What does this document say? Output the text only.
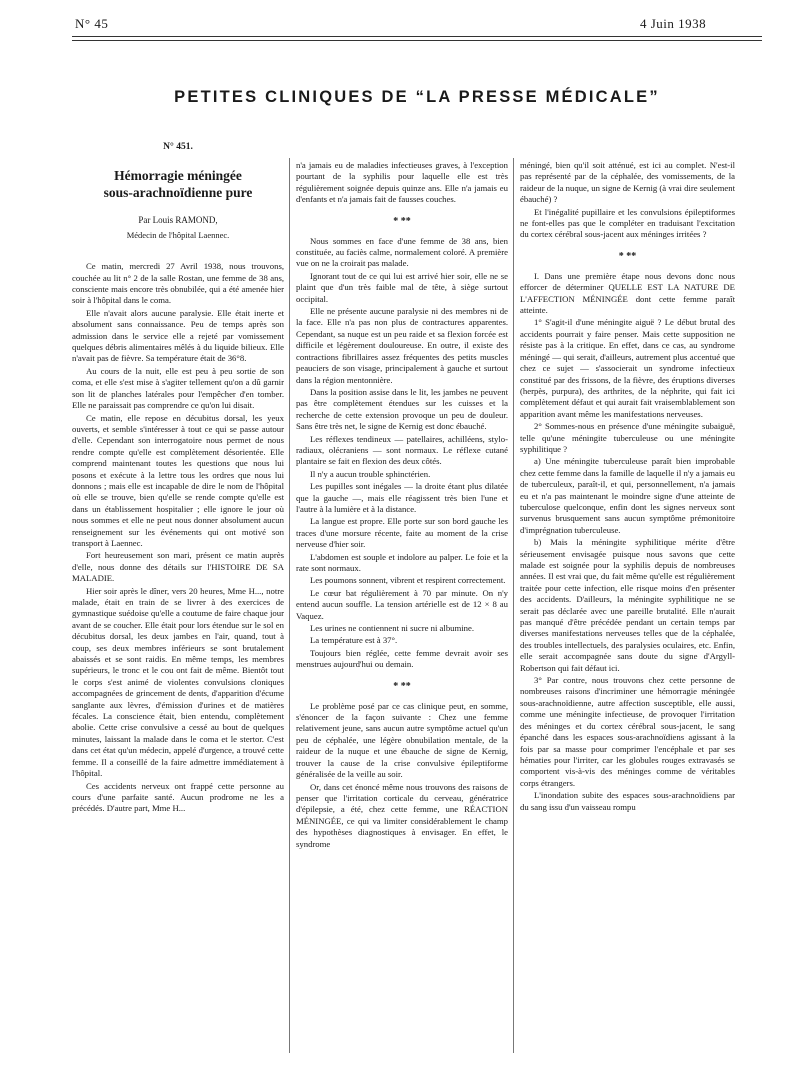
N° 45	4 Juin 1938
PETITES CLINIQUES DE “LA PRESSE MÉDICALE”
N° 451.
Hémorragie méningée
sous-arachnoïdienne pure
Par Louis RAMOND,
Médecin de l'hôpital Laennec.

Ce matin, mercredi 27 Avril 1938, nous trouvons, couchée au lit n° 2 de la salle Rostan, une femme de 38 ans, consciente mais encore très obnubilée, qui a été amenée hier soir à l'hôpital dans le coma.

Elle n'avait alors aucune paralysie. Elle était inerte et absolument sans connaissance. Peu de temps après son admission dans le service elle a rejeté par vomissement quelques débris alimentaires mêlés à du liquide bilieux. Elle n'avait pas de fièvre. Sa température était de 36°8.

Au cours de la nuit, elle est peu à peu sortie de son coma, et elle s'est mise à s'agiter tellement qu'on a dû garnir son lit de planches latérales pour l'empêcher d'en tomber. Elle ne paraissait pas comprendre ce qu'on lui disait.

Ce matin, elle repose en décubitus dorsal, les yeux ouverts, et semble s'intéresser à tout ce qui se passe autour d'elle. Cependant son interrogatoire nous permet de nous rendre compte qu'elle est complètement désorientée. Elle comprend maintenant toutes les questions que nous lui posons et exécute à la lettre tous les ordres que nous lui donnons ; mais elle est incapable de dire le nom de l'hôpital où elle se trouve, bien qu'elle se rende compte qu'elle est dans un établissement hospitalier ; elle ignore le jour où nous sommes et elle ne peut nous donner absolument aucun renseignement sur les événements qui ont motivé son transport à Laennec.

Fort heureusement son mari, présent ce matin auprès d'elle, nous donne des détails sur l'HISTOIRE DE SA MALADIE.

Hier soir après le dîner, vers 20 heures, Mme H..., notre malade, était en train de se livrer à des exercices de gymnastique suédoise qu'elle a coutume de faire chaque jour avant de se coucher. Elle était pour lors étendue sur le sol en décubitus dorsal, les deux jambes en l'air, quand, tout à coup, ses deux membres inférieurs se sont brutalement abaissés et se sont raidis. En même temps, les membres supérieurs, le tronc et le cou ont fait de même. Bientôt tout le corps s'est animé de violentes convulsions cloniques accompagnées de grincement de dents, d'apparition d'écume sanglante aux lèvres, d'émission d'urines et de matières fécales. La conscience était, bien entendu, complètement abolie. Cette crise convulsive a cessé au bout de quelques minutes, laissant la malade dans le coma et le stertor. C'est dans cet état qu'un médecin, appelé d'urgence, a trouvé cette femme. Il a conseillé de la faire admettre immédiatement à l'hôpital.

Ces accidents nerveux ont frappé cette personne au cours d'une parfaite santé. Aucun prodrome ne les a précédés. D'autre part, Mme H...

n'a jamais eu de maladies infectieuses graves, à l'exception pourtant de la syphilis pour laquelle elle est très régulièrement soignée depuis quinze ans. Elle n'a jamais eu d'enfants et n'a jamais fait de fausses couches.

* **

Nous sommes en face d'une femme de 38 ans, bien constituée, au faciès calme, normalement coloré. A première vue on ne la croirait pas malade.

Ignorant tout de ce qui lui est arrivé hier soir, elle ne se plaint que d'un très faible mal de tête, à siège surtout occipital.

Elle ne présente aucune paralysie ni des membres ni de la face. Elle n'a pas non plus de contractures apparentes. Cependant, sa nuque est un peu raide et sa flexion forcée est difficile et légèrement douloureuse. En outre, il existe des contractions fibrillaires assez fréquentes des petits muscles peauciers de son visage, principalement à gauche et surtout dans la région mentonnière.

Dans la position assise dans le lit, les jambes ne peuvent pas être complètement étendues sur les cuisses et la recherche de cette extension provoque un peu de douleur. Sans être très net, le signe de Kernig est donc ébauché.

Les réflexes tendineux — patellaires, achilléens, stylo-radiaux, olécraniens — sont normaux. Le réflexe cutané plantaire se fait en flexion des deux côtés.

Il n'y a aucun trouble sphinctérien.

Les pupilles sont inégales — la droite étant plus dilatée que la gauche —, mais elle réagissent très bien l'une et l'autre à la lumière et à la distance.

La langue est propre. Elle porte sur son bord gauche les traces d'une morsure récente, faite au moment de la crise nerveuse d'hier soir.

L'abdomen est souple et indolore au palper. Le foie et la rate sont normaux.

Les poumons sonnent, vibrent et respirent correctement.

Le cœur bat régulièrement à 70 par minute. On n'y entend aucun souffle. La tension artérielle est de 12 × 8 au Vaquez.

Les urines ne contiennent ni sucre ni albumine.

La température est à 37°.

Toujours bien réglée, cette femme devrait avoir ses menstrues aujourd'hui ou demain.

* **

Le problème posé par ce cas clinique peut, en somme, s'énoncer de la façon suivante : Chez une femme relativement jeune, sans aucun autre symptôme actuel qu'un peu de céphalée, une légère obnubilation mentale, de la raideur de la nuque et une ébauche de signe de Kernig, trouver la cause de la crise convulsive épileptiforme généralisée de la veille au soir.

Or, dans cet énoncé même nous trouvons des raisons de penser que l'irritation corticale du cerveau, génératrice d'épilepsie, a été, chez cette femme, une RÉACTION MÉNINGÉE, ce qui va limiter considérablement le champ des hypothèses diagnostiques à envisager. En effet, le syndrome

méningé, bien qu'il soit atténué, est ici au complet. N'est-il pas représenté par de la céphalée, des vomissements, de la raideur de la nuque, un signe de Kernig (à vrai dire seulement ébauché) ?

Et l'inégalité pupillaire et les convulsions épileptiformes ne font-elles pas que le compléter en traduisant l'excitation du cortex cérébral sous-jacent aux méninges irritées ?

* **

I. Dans une première étape nous devons donc nous efforcer de déterminer QUELLE EST LA NATURE DE L'AFFECTION MÉNINGÉE dont cette femme paraît atteinte.

1° S'agit-il d'une méningite aiguë ? Le début brutal des accidents pourrait y faire penser. Mais cette supposition ne résiste pas à la critique. En effet, dans ce cas, au syndrome méningé — qui serait, d'ailleurs, autrement plus accentué que chez ce sujet — s'associerait un syndrome infectieux constitué par des frissons, de la fièvre, des éruptions diverses (herpès, purpura), des arthrites, de la néphrite, qui fait ici complètement défaut et qui aurait fait vraisemblablement son apparition avant même les manifestations nerveuses.

2° Sommes-nous en présence d'une méningite subaiguë, telle qu'une méningite tuberculeuse ou une méningite syphilitique ?

a) Une méningite tuberculeuse paraît bien improbable chez cette femme dans la famille de laquelle il n'y a jamais eu de tuberculeux, paraît-il, et qui, personnellement, n'a jamais eu et n'a pas maintenant le moindre signe d'une atteinte de tuberculose quelconque, enfin dont les signes nerveux sont survenus brusquement sans aucun symptôme prémonitoire d'imprégnation tuberculeuse.

b) Mais la méningite syphilitique mérite d'être sérieusement envisagée puisque nous savons que cette malade est soignée pour la syphilis depuis de nombreuses années. Il est vrai que, du fait même qu'elle est régulièrement traitée pour cette infection, elle risque moins d'en présenter des accidents. D'ailleurs, la méningite syphilitique ne se serait pas déclarée avec une pareille brutalité. Elle n'aurait pas manqué d'être précédée pendant un certain temps par diverses manifestations nerveuses telles que de la céphalée, des troubles intellectuels, des paralysies oculaires, etc. Enfin, elle serait accompagnée sans doute du signe d'Argyll-Robertson qui fait défaut ici.

3° Par contre, nous trouvons chez cette personne de nombreuses raisons d'incriminer une hémorragie méningée sous-arachnoïdienne, autre affection susceptible, elle aussi, comme une méningite infectieuse, de provoquer l'irritation des méninges et du cortex cérébral sous-jacent, le sang épanché dans les espaces sous-arachnoïdiens agissant à la fois par sa masse pour comprimer l'encéphale et par ses hématies pour l'irriter, car les globules rouges extravasés se comportent vis-à-vis des méninges comme de véritables corps étrangers.

L'inondation subite des espaces sous-arachnoïdiens par du sang issu d'un vaisseau rompu
